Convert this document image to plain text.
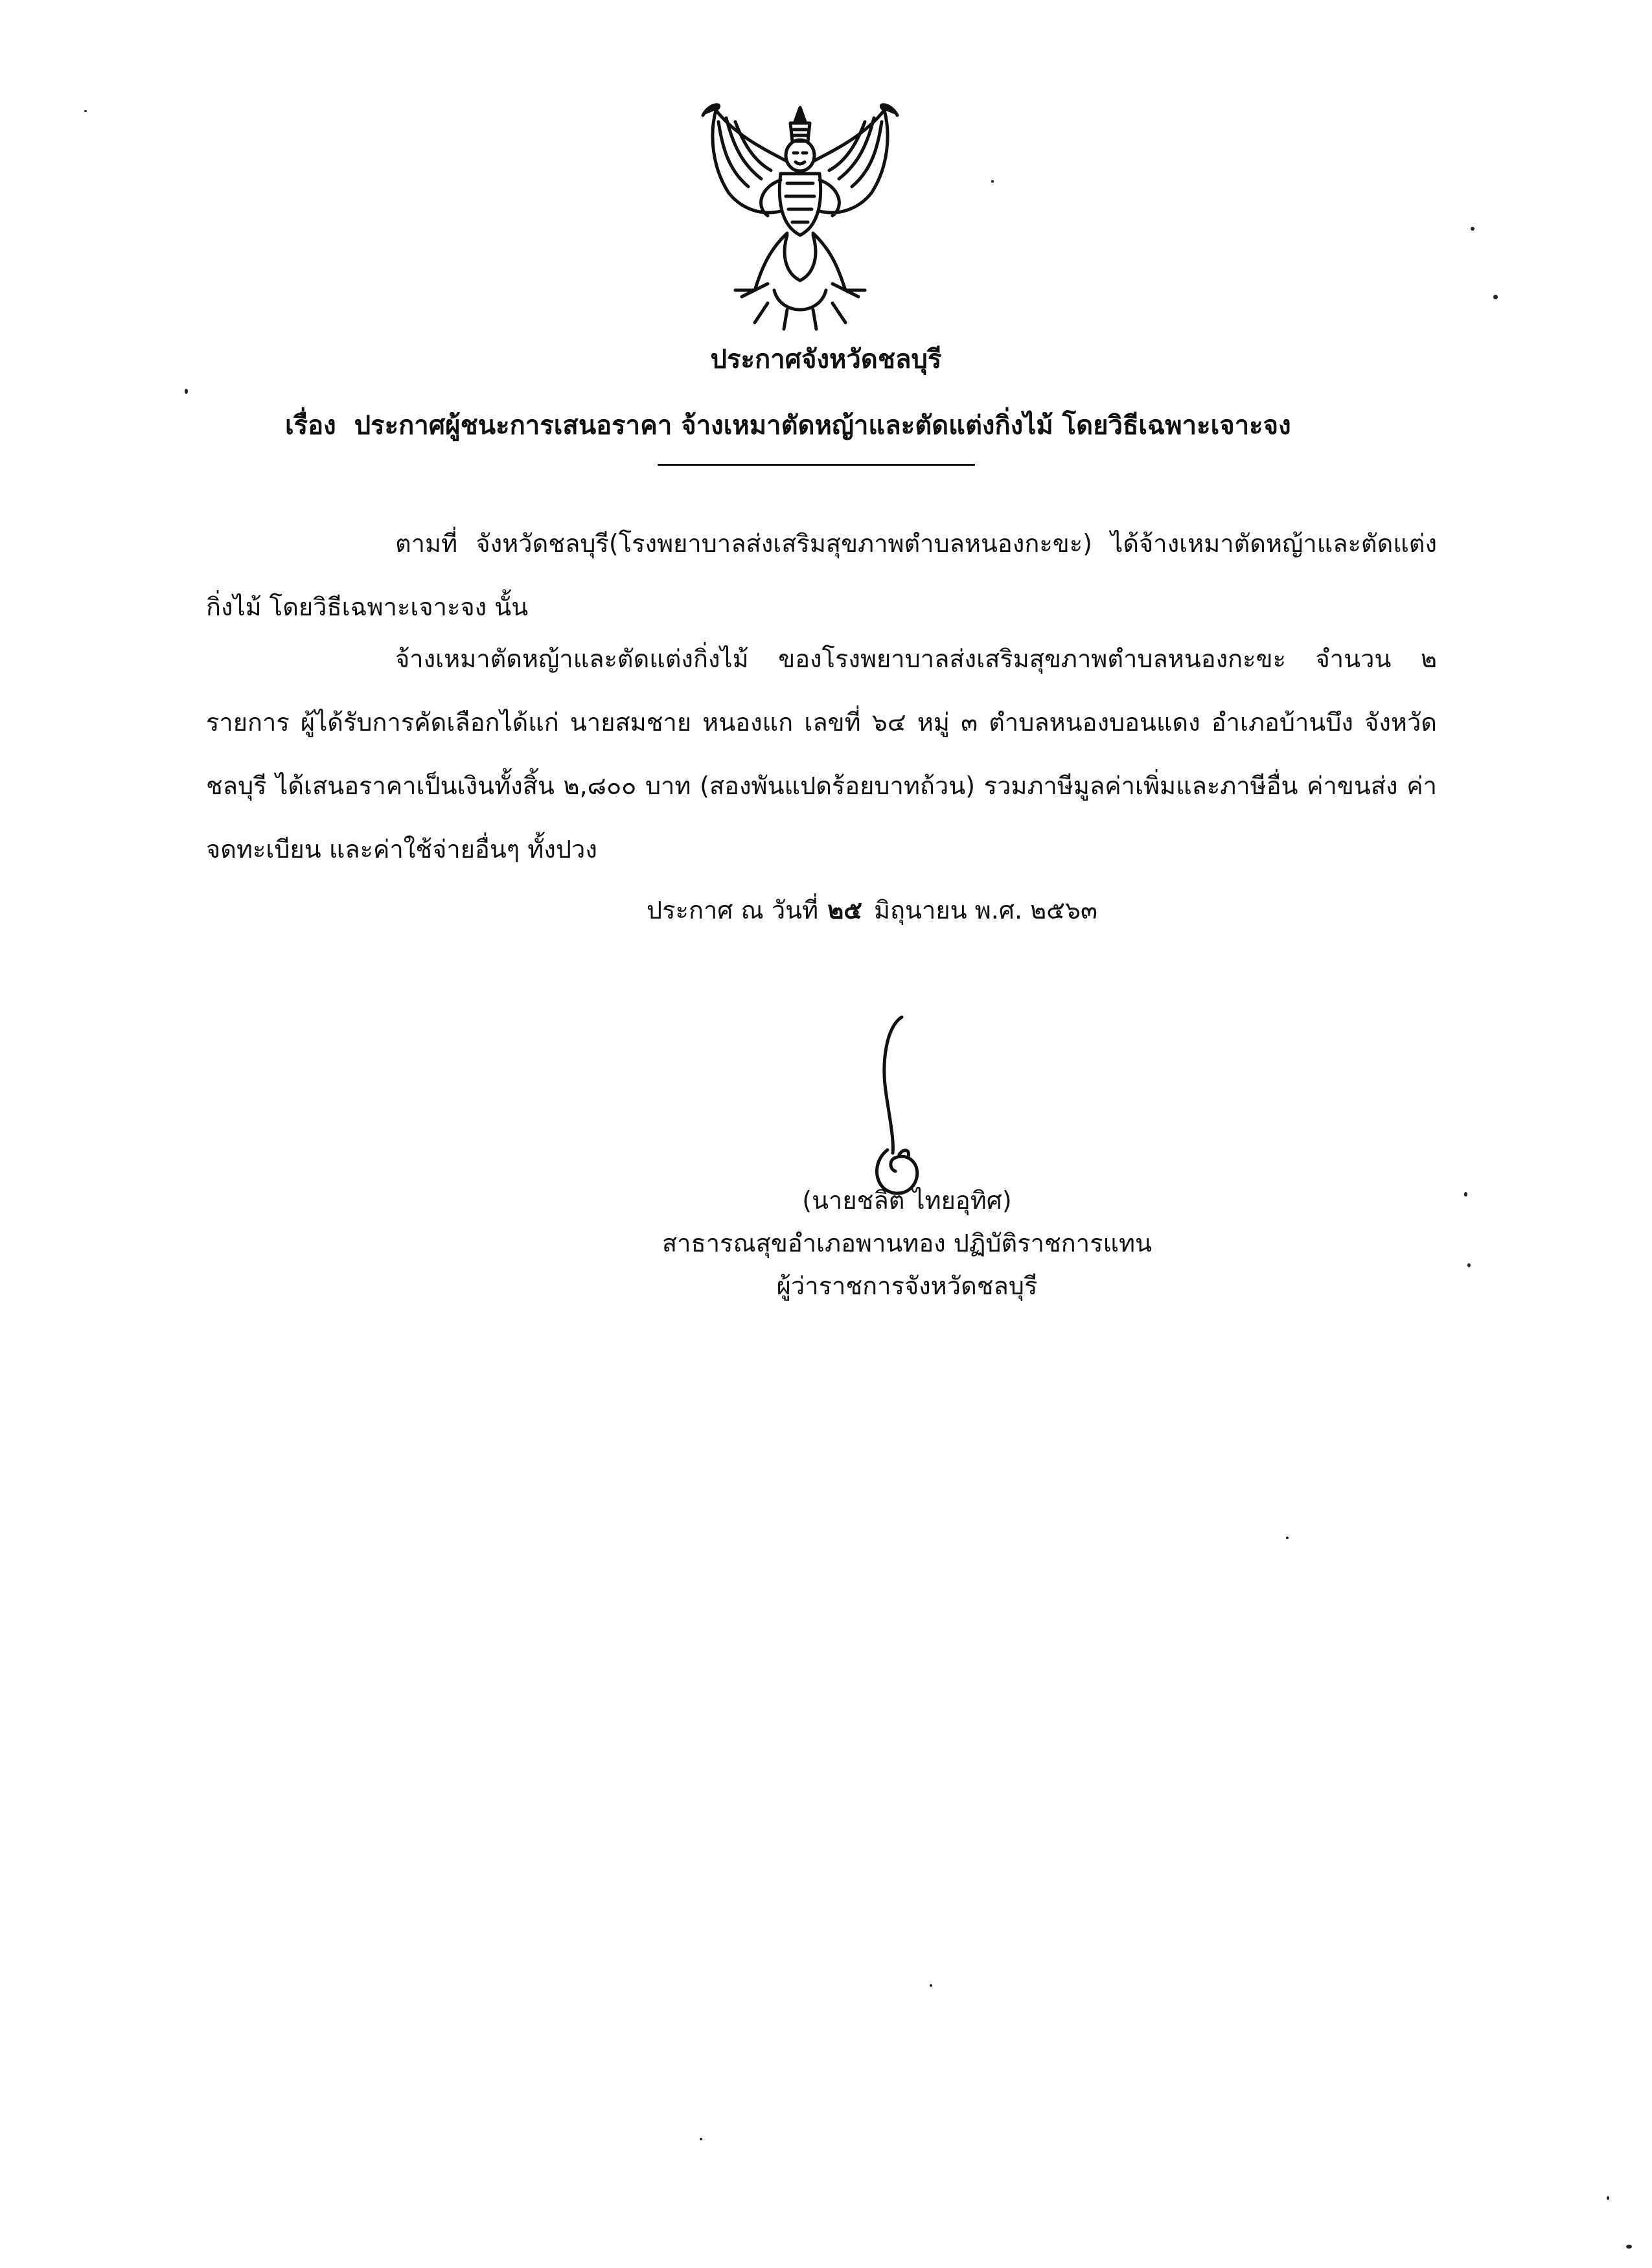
ประกาศจังหวัดชลบุรี
เรื่อง ประกาศผู้ชนะการเสนอราคา จ้างเหมาตัดหญ้าและตัดแต่งกิ่งไม้ โดยวิธีเฉพาะเจาะจง
ตามที่ จังหวัดชลบุรี(โรงพยาบาลส่งเสริมสุขภาพตำบลหนองกะขะ) ได้จ้างเหมาตัดหญ้าและตัดแต่งกิ่งไม้ โดยวิธีเฉพาะเจาะจง นั้น
จ้างเหมาตัดหญ้าและตัดแต่งกิ่งไม้ ของโรงพยาบาลส่งเสริมสุขภาพตำบลหนองกะขะ จำนวน ๒ รายการ ผู้ได้รับการคัดเลือกได้แก่ นายสมชาย หนองแก เลขที่ ๖๔ หมู่ ๓ ตำบลหนองบอนแดง อำเภอบ้านบึง จังหวัดชลบุรี ได้เสนอราคาเป็นเงินทั้งสิ้น ๒,๘๐๐ บาท (สองพันแปดร้อยบาทถ้วน) รวมภาษีมูลค่าเพิ่มและภาษีอื่น ค่าขนส่ง ค่าจดทะเบียน และค่าใช้จ่ายอื่นๆ ทั้งปวง
ประกาศ ณ วันที่ ๒๕ มิถุนายน พ.ศ. ๒๕๖๓
(นายชลิต ไทยอุทิศ)
สาธารณสุขอำเภอพานทอง ปฏิบัติราชการแทน
ผู้ว่าราชการจังหวัดชลบุรี
